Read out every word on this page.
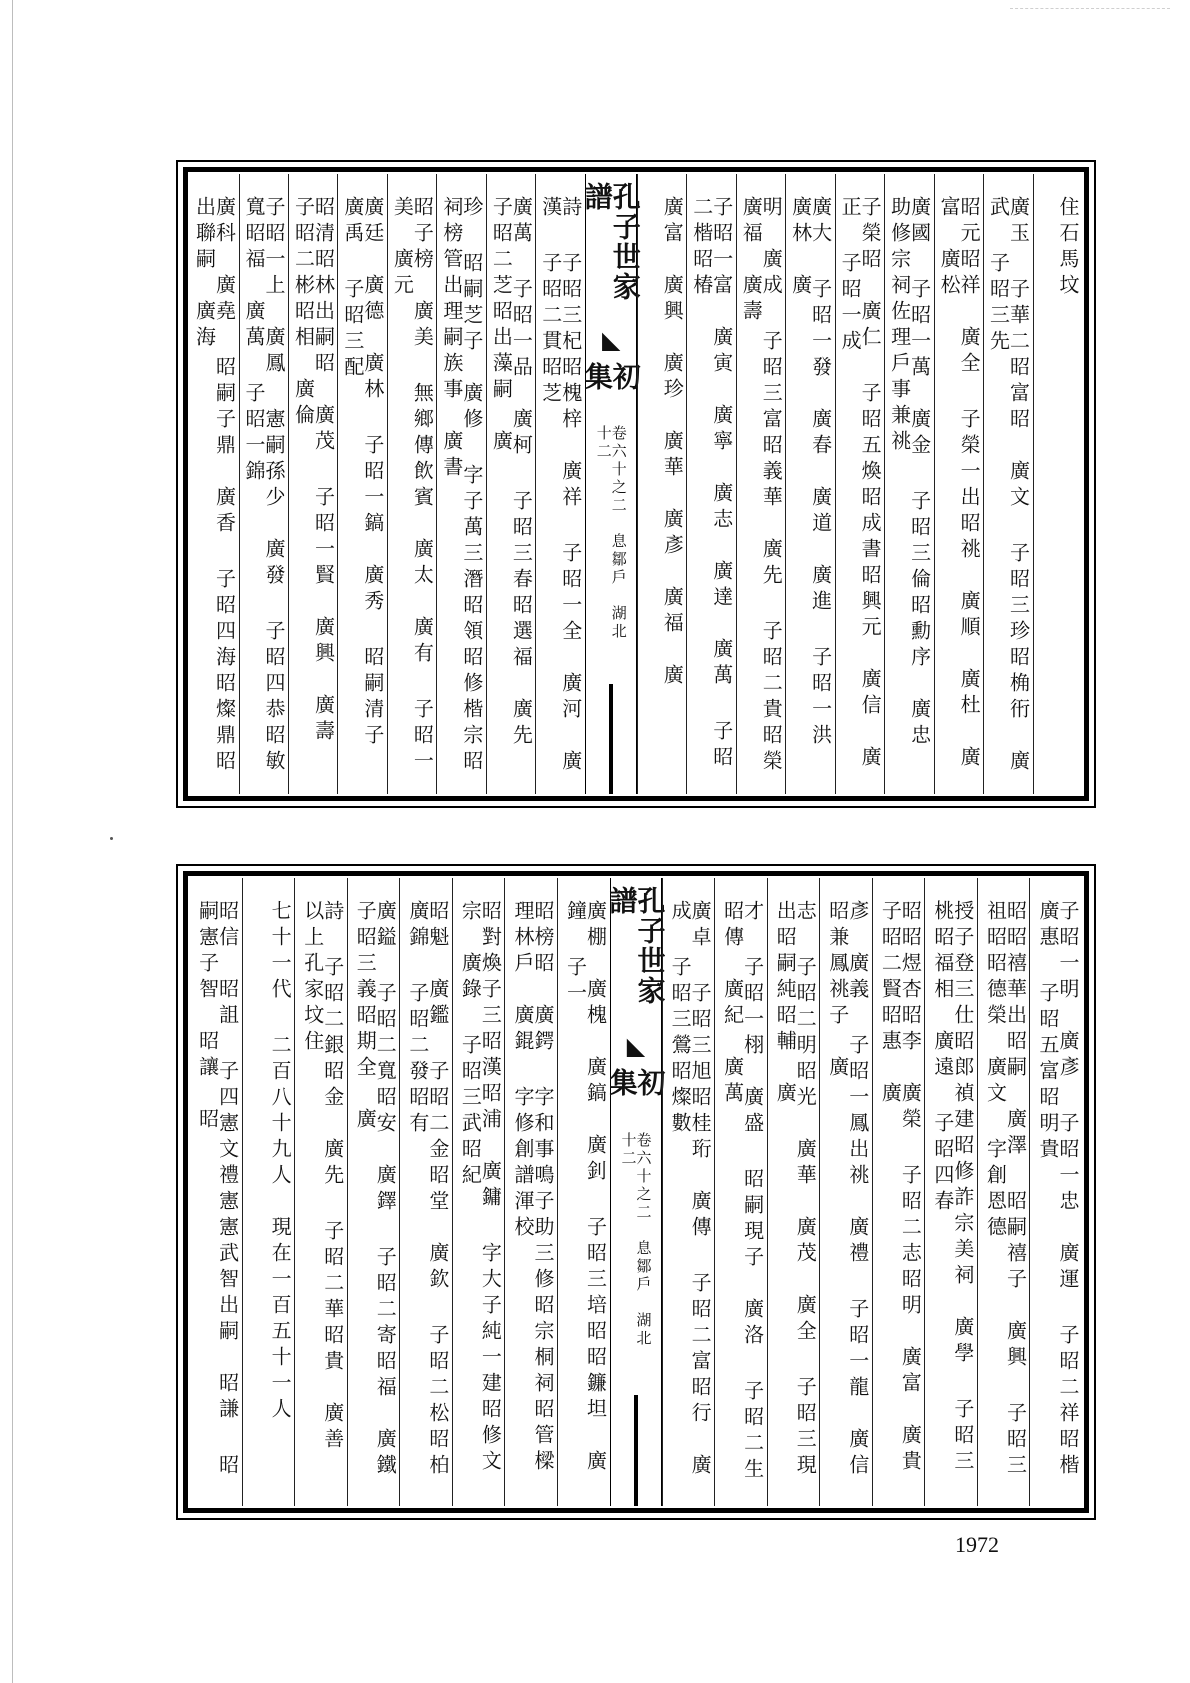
住石馬坟
廣玉 子華二昭富昭　廣文 子昭三珍昭桷衎　廣武 子昭三先
昭元昭祥　廣全 子榮一出昭祧　廣順　廣杜　廣富　廣松
廣國 子昭一萬　廣金 子昭三倫昭勳序　廣忠 助修宗祠佐理戶事兼祧
子榮昭　廣仁 子昭五煥昭成書昭興元　廣信　廣正 子昭一成
廣大 子昭一發　廣春　廣道　廣進 子昭一洪　廣林　廣
明　廣成 子昭三富昭義華　廣先 子昭二貴昭榮　廣福　廣壽
子昭一富　廣寅　廣寧　廣志　廣達　廣萬 子昭二楷昭椿
廣富　廣興　廣珍　廣華　廣彥　廣福　廣
孔子世家譜
◣
初集
卷六十之二　息鄒戶　湖北　十二
詩 子昭三杞昭槐梓　廣祥 子昭一全　廣河　廣漢 子昭二貫昭芝
廣萬 子昭一品　廣柯 子昭三春昭選福　廣先 子昭二芝昭出藻嗣　廣
珍 昭嗣芝子　廣修 字子萬三潛昭領昭修楷宗昭祠榜管出理嗣族事　廣書
昭子榜　廣美 無鄉傳飲賓　廣太　廣有 子昭一美　廣元
廣廷　廣德　廣林 子昭一鎬　廣秀 昭嗣清子　廣禹 子昭三配
昭清昭林出嗣昭　廣茂 子昭一賢　廣興　廣壽 子昭二彬昭相　廣倫
子昭一上　廣鳳 憲嗣孫少　廣發 子昭四恭昭敏寬昭福　廣萬 子昭一錦
廣科　廣堯 昭嗣子鼎　廣香 子昭四海昭燦鼎昭出聯嗣　廣海
子昭一明　廣彥 子昭一忠　廣運 子昭二祥昭楷　廣惠 子昭五富昭明貴
昭昭禧華出昭嗣　廣澤 昭嗣禧子　廣興 子昭三祖昭昭德榮　廣文 字創恩德
授子登三仕昭郎禎建昭修詐宗美祠　廣學 子昭三桃昭福相　廣遠 子昭四春
昭昭煜杏昭李　廣榮 子昭二志昭明　廣富　廣貴 子昭二賢昭惠　廣
彥　廣義 子昭一鳳出祧　廣禮 子昭一龍　廣信 昭兼鳳祧子　廣
志 子昭二明昭光　廣華　廣茂　廣全 子昭三現出昭嗣純昭輔　廣
才 子昭一栩　廣盛 昭嗣現子　廣洛 子昭二生昭傳　廣紀　廣萬
廣卓 子昭三旭昭桂珩　廣傳 子昭二富昭行　廣成 子昭三鶯昭燦數
孔子世家譜
◣
初集
卷六十之二　息鄒戶　湖北　十二
廣棚　廣槐　廣鎬　廣釗 子昭三培昭昭鐮坦　廣鐘 子一
昭榜昭　廣鍔 字和事鳴子助三修昭宗桐祠昭管樑理林戶　廣錕 字修創譜渾校
昭對煥子三昭漢昭浦　廣鏞 字大子純一建昭修文宗　廣錄 子昭三武昭紀
昭魁　廣鑑 子昭二金昭堂　廣欽 子昭二松昭柏　廣錦 子昭二發昭有
廣鎰 子昭二寬昭安　廣鐸 子昭二寄昭福　廣鐵 子昭三義昭期全　廣
詩 子昭二銀昭金　廣先 子昭二華昭貴　廣善 以上孔家坟住
七十一代 二百八十九人　現在一百五十一人
昭信　昭詛 子四憲文禮憲憲武智出嗣　昭謙 昭嗣憲子智　昭讓　昭
1972
